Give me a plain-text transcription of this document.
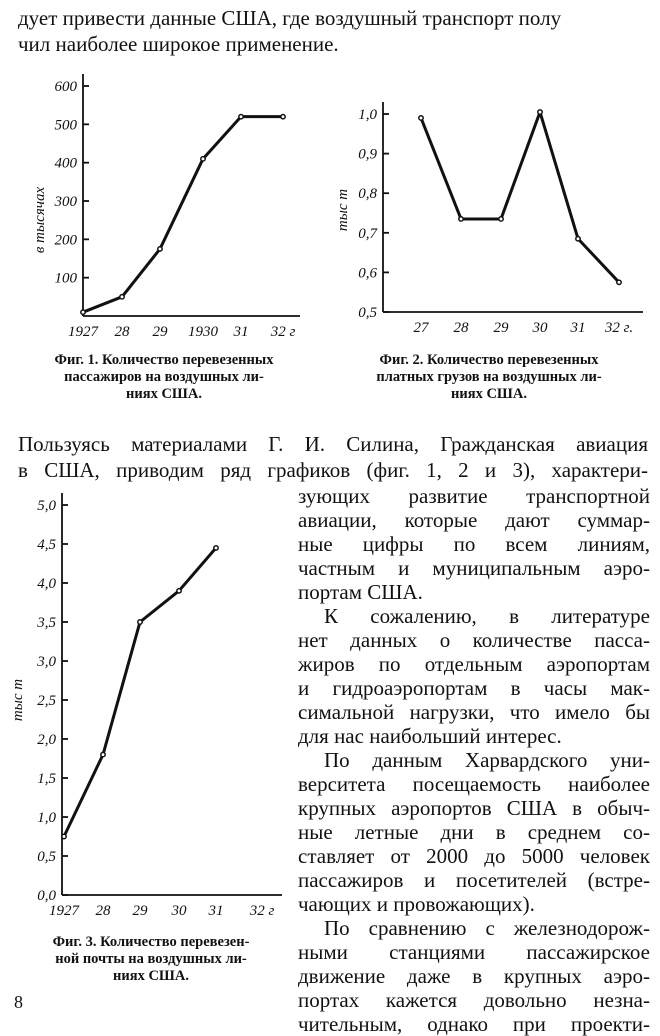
дует привести данные США, где воздушный транспорт полу
чил наиболее широкое применение.
100
200
300
400
500
600
1927 28 29 1930 31 32 г
в тысячах
Фиг. 1. Количество перевезенных
пассажиров на воздушных ли-
ниях США.
0,5
0,6
0,7
0,8
0,9
1,0
27 28 29 30 31 32 г.
тыс т
Фиг. 2. Количество перевезенных
платных грузов на воздушных ли-
ниях США.
Пользуясь материалами Г. И. Силина, Гражданская авиация
в США, приводим ряд графиков (фиг. 1, 2 и 3), характери-
0,0
0,5
1,0
1,5
2,0
2,5
3,0
3,5
4,0
4,5
5,0
1927 28 29 30 31 32 г
тыс т
Фиг. 3. Количество перевезен-
ной почты на воздушных ли-
ниях США.
зующих развитие транспортной
авиации, которые дают суммар-
ные цифры по всем линиям,
частным и муниципальным аэро-
портам США.
К сожалению, в литературе
нет данных о количестве пасса-
жиров по отдельным аэропортам
и гидроаэропортам в часы мак-
симальной нагрузки, что имело бы
для нас наибольший интерес.
По данным Харвардского уни-
верситета посещаемость наиболее
крупных аэропортов США в обыч-
ные летные дни в среднем со-
ставляет от 2000 до 5000 человек
пассажиров и посетителей (встре-
чающих и провожающих).
По сравнению с железнодорож-
ными станциями пассажирское
движение даже в крупных аэро-
портах кажется довольно незна-
чительным, однако при проекти-
8
